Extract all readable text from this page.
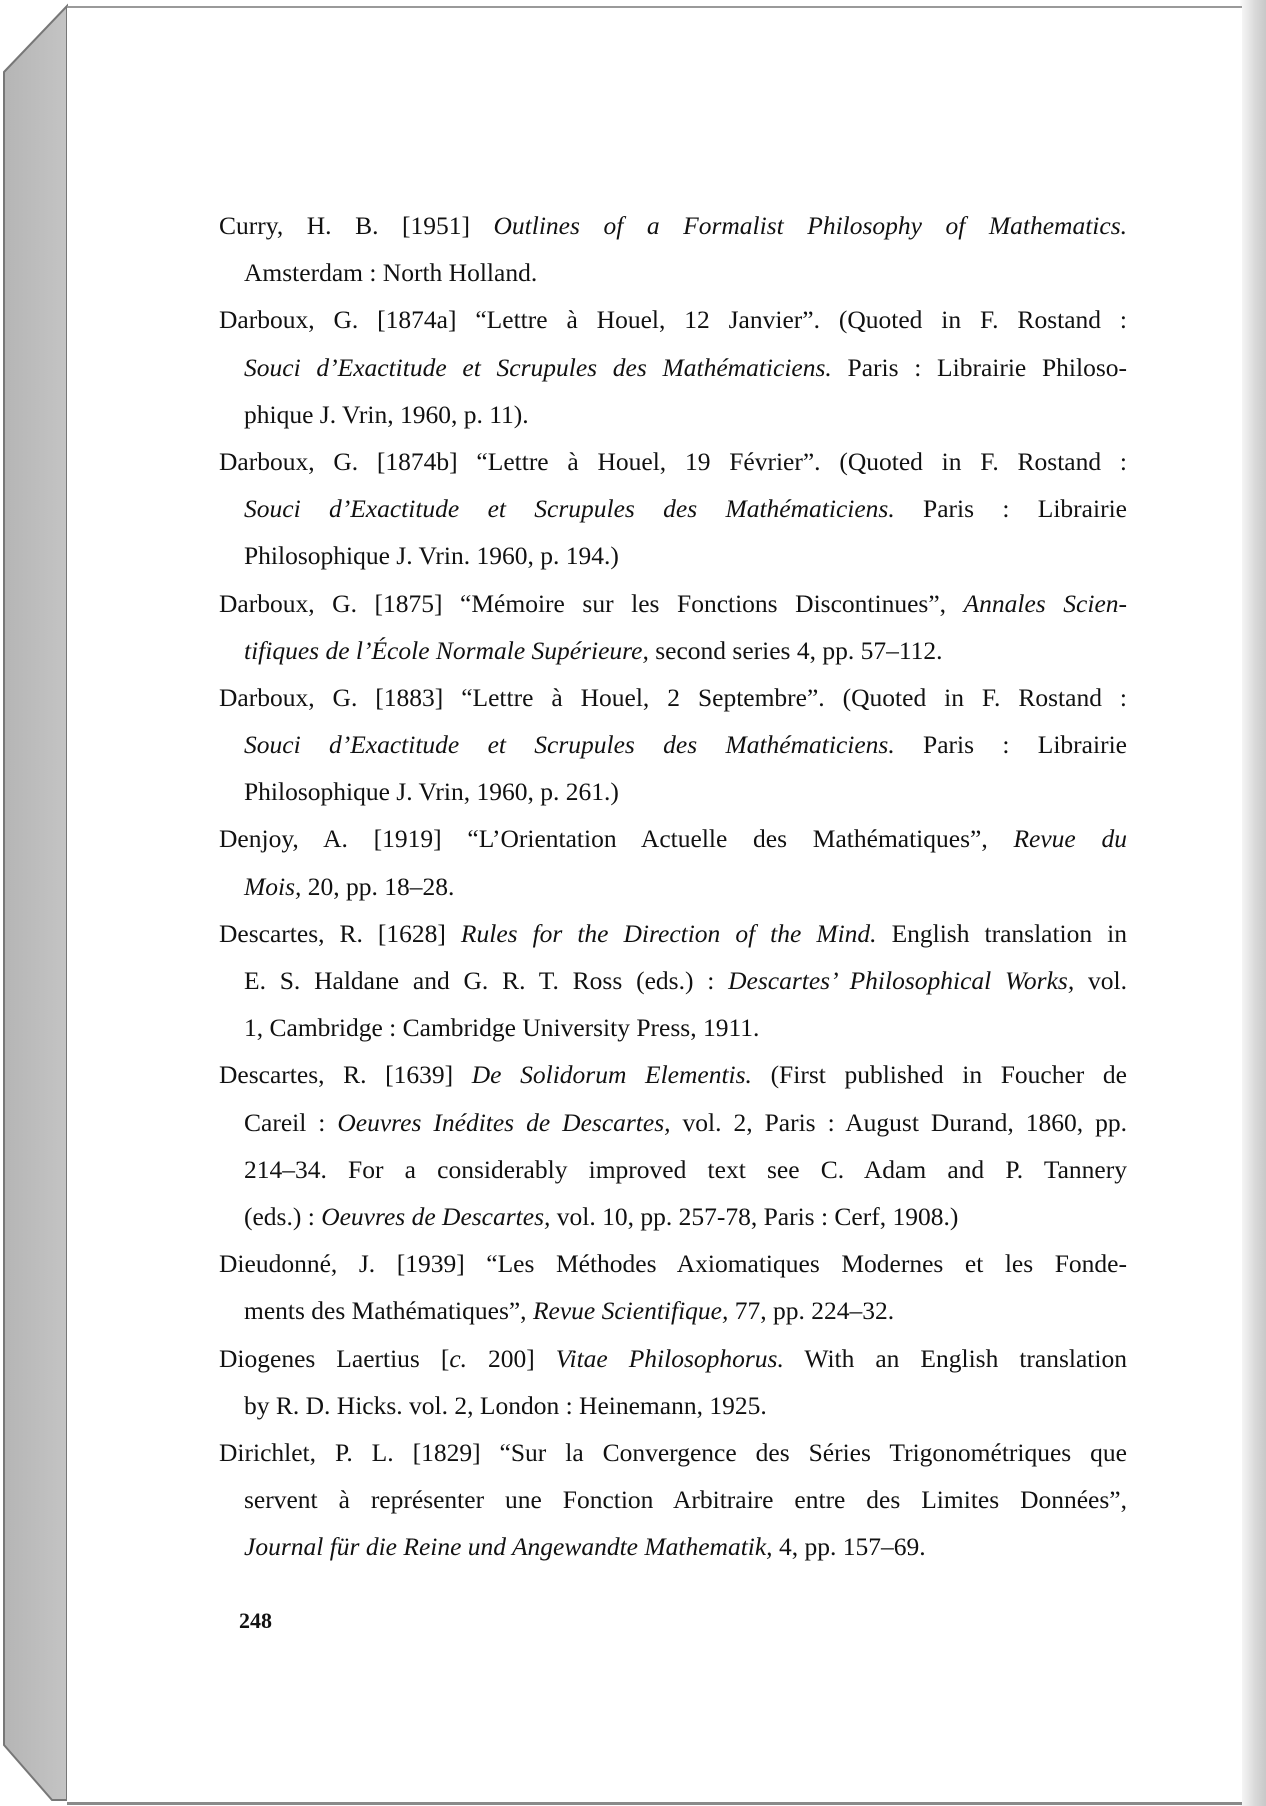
Curry, H. B. [1951] Outlines of a Formalist Philosophy of Mathematics.
Amsterdam : North Holland.
Darboux, G. [1874a] “Lettre à Houel, 12 Janvier”. (Quoted in F. Rostand :
Souci d’Exactitude et Scrupules des Mathématiciens. Paris : Librairie Philoso-
phique J. Vrin, 1960, p. 11).
Darboux, G. [1874b] “Lettre à Houel, 19 Février”. (Quoted in F. Rostand :
Souci d’Exactitude et Scrupules des Mathématiciens. Paris : Librairie
Philosophique J. Vrin. 1960, p. 194.)
Darboux, G. [1875] “Mémoire sur les Fonctions Discontinues”, Annales Scien-
tifiques de l’École Normale Supérieure, second series 4, pp. 57–112.
Darboux, G. [1883] “Lettre à Houel, 2 Septembre”. (Quoted in F. Rostand :
Souci d’Exactitude et Scrupules des Mathématiciens. Paris : Librairie
Philosophique J. Vrin, 1960, p. 261.)
Denjoy, A. [1919] “L’Orientation Actuelle des Mathématiques”, Revue du
Mois, 20, pp. 18–28.
Descartes, R. [1628] Rules for the Direction of the Mind. English translation in
E. S. Haldane and G. R. T. Ross (eds.) : Descartes’ Philosophical Works, vol.
1, Cambridge : Cambridge University Press, 1911.
Descartes, R. [1639] De Solidorum Elementis. (First published in Foucher de
Careil : Oeuvres Inédites de Descartes, vol. 2, Paris : August Durand, 1860, pp.
214–34. For a considerably improved text see C. Adam and P. Tannery
(eds.) : Oeuvres de Descartes, vol. 10, pp. 257-78, Paris : Cerf, 1908.)
Dieudonné, J. [1939] “Les Méthodes Axiomatiques Modernes et les Fonde-
ments des Mathématiques”, Revue Scientifique, 77, pp. 224–32.
Diogenes Laertius [c. 200] Vitae Philosophorus. With an English translation
by R. D. Hicks. vol. 2, London : Heinemann, 1925.
Dirichlet, P. L. [1829] “Sur la Convergence des Séries Trigonométriques que
servent à représenter une Fonction Arbitraire entre des Limites Données”,
Journal für die Reine und Angewandte Mathematik, 4, pp. 157–69.
248
